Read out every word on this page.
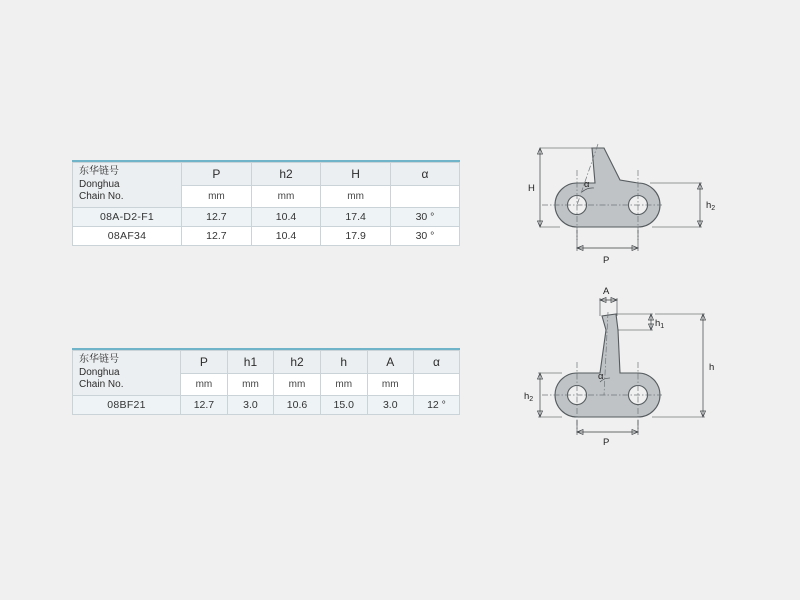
东华链号
Donghua
Chain No.	P	h2	H	α
	mm	mm	mm	
08A-D2-F1	12.7	10.4	17.4	30 °
08AF34	12.7	10.4	17.9	30 °
东华链号
Donghua
Chain No.	P	h1	h2	h	A	α
	mm	mm	mm	mm	mm	
08BF21	12.7	3.0	10.6	15.0	3.0	12 °
H
$h_2$
P
α
A
$h_1$
h
$h_2$
P
α
